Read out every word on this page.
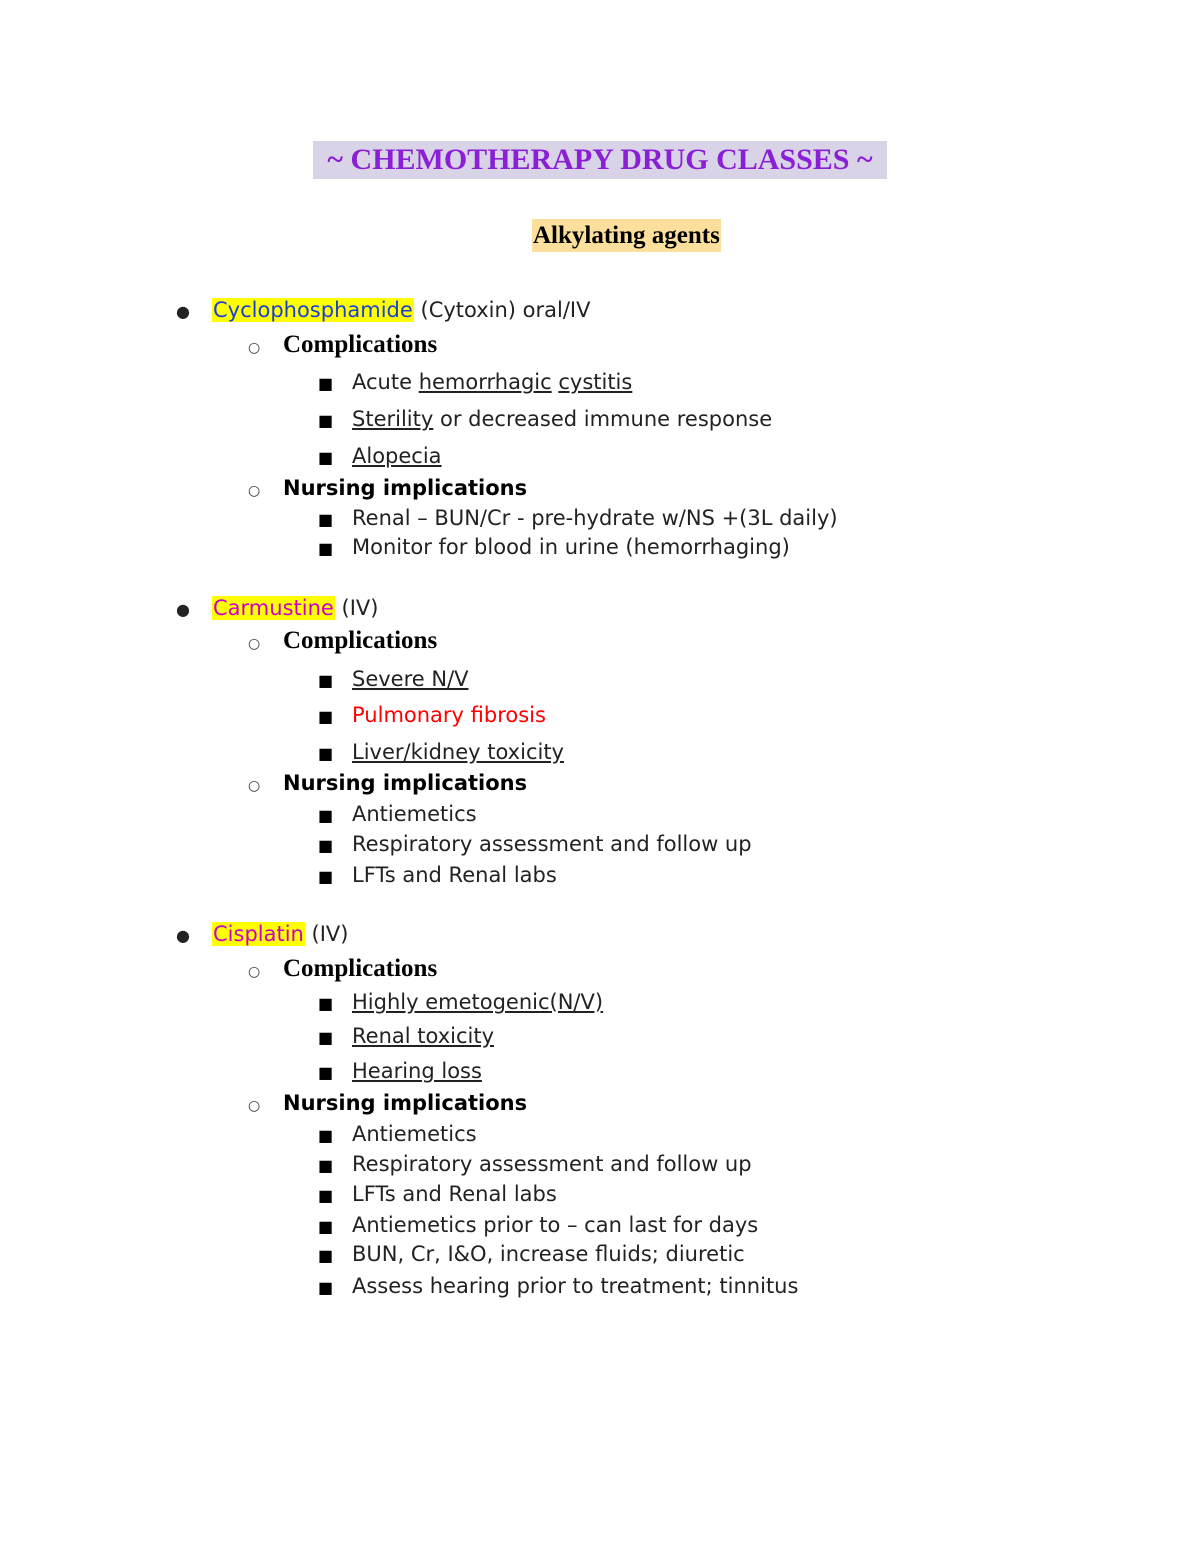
~ CHEMOTHERAPY DRUG CLASSES ~
Alkylating agents
● Cyclophosphamide (Cytoxin) oral/IV
○ Complications
■ Acute hemorrhagic cystitis
■ Sterility or decreased immune response
■ Alopecia
○ Nursing implications
■ Renal – BUN/Cr - pre-hydrate w/NS +(3L daily)
■ Monitor for blood in urine (hemorrhaging)
● Carmustine (IV)
○ Complications
■ Severe N/V
■ Pulmonary fibrosis
■ Liver/kidney toxicity
○ Nursing implications
■ Antiemetics
■ Respiratory assessment and follow up
■ LFTs and Renal labs
● Cisplatin (IV)
○ Complications
■ Highly emetogenic(N/V)
■ Renal toxicity
■ Hearing loss
○ Nursing implications
■ Antiemetics
■ Respiratory assessment and follow up
■ LFTs and Renal labs
■ Antiemetics prior to – can last for days
■ BUN, Cr, I&O, increase fluids; diuretic
■ Assess hearing prior to treatment; tinnitus
